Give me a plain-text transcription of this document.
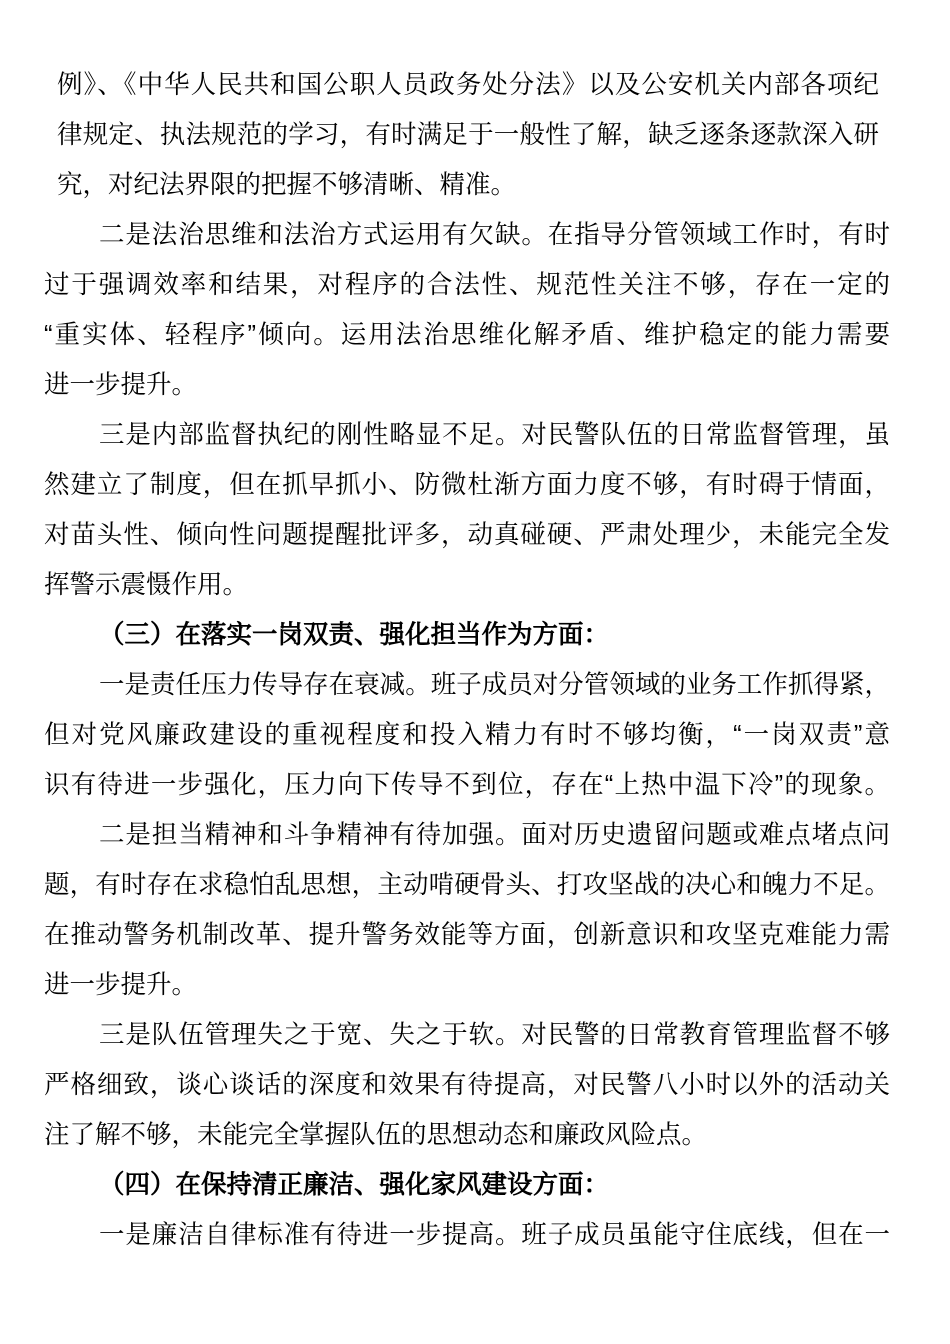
例》、《中华人民共和国公职人员政务处分法》以及公安机关内部各项纪
律规定、执法规范的学习，有时满足于一般性了解，缺乏逐条逐款深入研
究，对纪法界限的把握不够清晰、精准。
二是法治思维和法治方式运用有欠缺。在指导分管领域工作时，有时
过于强调效率和结果，对程序的合法性、规范性关注不够，存在一定的
“重实体、轻程序”倾向。运用法治思维化解矛盾、维护稳定的能力需要
进一步提升。
三是内部监督执纪的刚性略显不足。对民警队伍的日常监督管理，虽
然建立了制度，但在抓早抓小、防微杜渐方面力度不够，有时碍于情面，
对苗头性、倾向性问题提醒批评多，动真碰硬、严肃处理少，未能完全发
挥警示震慑作用。
（三）在落实一岗双责、强化担当作为方面：
一是责任压力传导存在衰减。班子成员对分管领域的业务工作抓得紧，
但对党风廉政建设的重视程度和投入精力有时不够均衡，“一岗双责”意
识有待进一步强化，压力向下传导不到位，存在“上热中温下冷”的现象。
二是担当精神和斗争精神有待加强。面对历史遗留问题或难点堵点问
题，有时存在求稳怕乱思想，主动啃硬骨头、打攻坚战的决心和魄力不足。
在推动警务机制改革、提升警务效能等方面，创新意识和攻坚克难能力需
进一步提升。
三是队伍管理失之于宽、失之于软。对民警的日常教育管理监督不够
严格细致，谈心谈话的深度和效果有待提高，对民警八小时以外的活动关
注了解不够，未能完全掌握队伍的思想动态和廉政风险点。
（四）在保持清正廉洁、强化家风建设方面：
一是廉洁自律标准有待进一步提高。班子成员虽能守住底线，但在一
